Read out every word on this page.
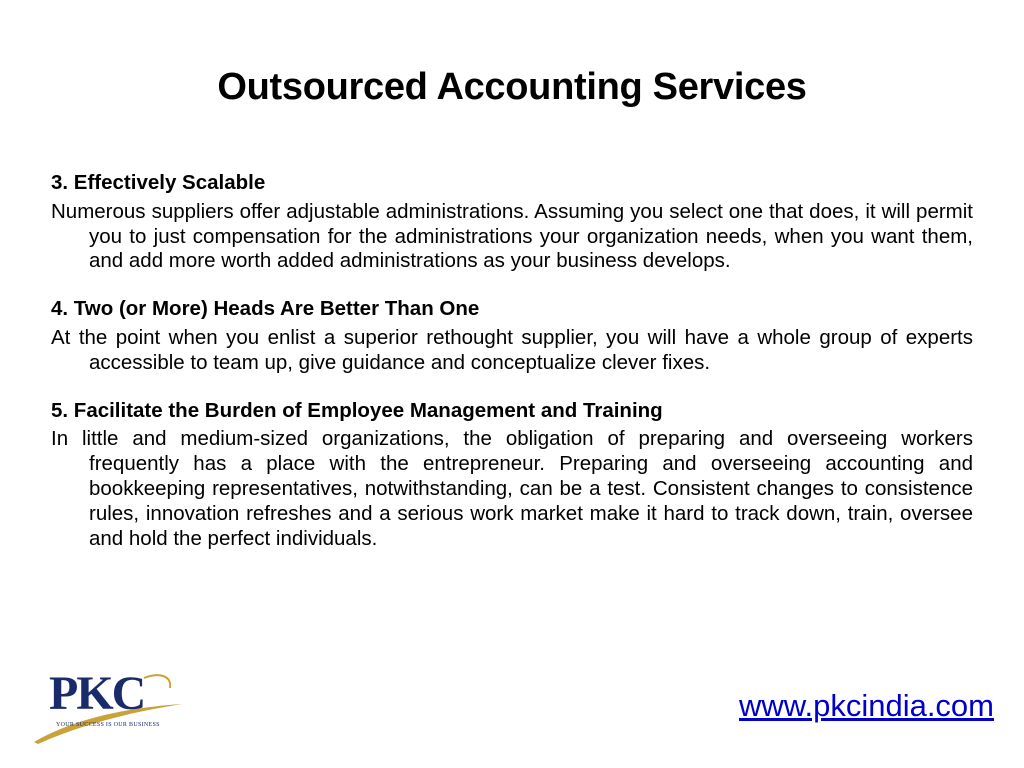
Outsourced Accounting Services
3. Effectively Scalable
Numerous suppliers offer adjustable administrations. Assuming you select one that does, it will permit you to just compensation for the administrations your organization needs, when you want them, and add more worth added administrations as your business develops.
4. Two (or More) Heads Are Better Than One
At the point when you enlist a superior rethought supplier, you will have a whole group of experts accessible to team up, give guidance and conceptualize clever fixes.
5. Facilitate the Burden of Employee Management and Training
In little and medium-sized organizations, the obligation of preparing and overseeing workers frequently has a place with the entrepreneur. Preparing and overseeing accounting and bookkeeping representatives, notwithstanding, can be a test. Consistent changes to consistence rules, innovation refreshes and a serious work market make it hard to track down, train, oversee and hold the perfect individuals.
PKC
YOUR SUCCESS IS OUR BUSINESS
www.pkcindia.com
